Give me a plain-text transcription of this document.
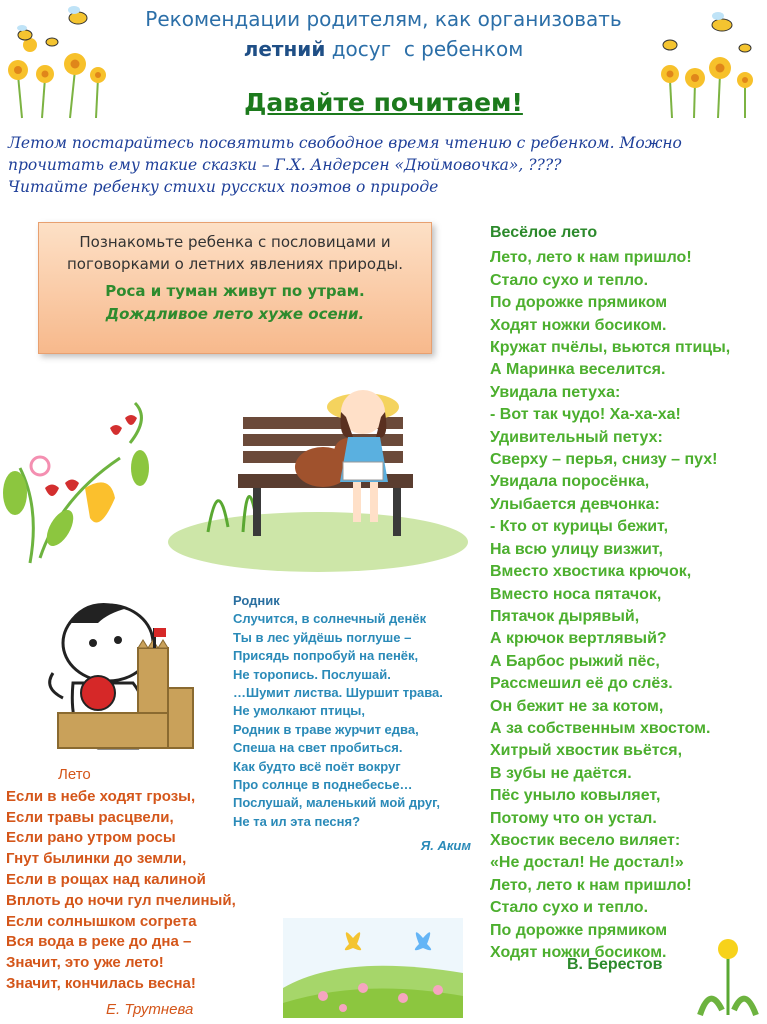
Рекомендации родителям, как организовать
летний досуг  с ребенком
Давайте почитаем!
Летом постарайтесь посвятить свободное время чтению с ребенком. Можно
прочитать ему такие сказки – Г.Х. Андерсен «Дюймовочка», ????
Читайте ребенку стихи русских поэтов о природе
Познакомьте ребенка с пословицами и
поговорками о летних явлениях природы.
Роса и туман живут по утрам.
Дождливое лето хуже осени.
Весёлое лето
Лето, лето к нам пришло!
Стало сухо и тепло.
По дорожке прямиком
Ходят ножки босиком.
Кружат пчёлы, вьются птицы,
А Маринка веселится.
Увидала петуха:
- Вот так чудо! Ха-ха-ха!
Удивительный петух:
Сверху – перья, снизу – пух!
Увидала поросёнка,
Улыбается девчонка:
- Кто от курицы бежит,
На всю улицу визжит,
Вместо хвостика крючок,
Вместо носа пятачок,
Пятачок дырявый,
А крючок вертлявый?
А Барбос рыжий пёс,
Рассмешил её до слёз.
Он бежит не за котом,
А за собственным хвостом.
Хитрый хвостик вьётся,
В зубы не даётся.
Пёс уныло ковыляет,
Потому что он устал.
Хвостик весело виляет:
«Не достал! Не достал!»
Лето, лето к нам пришло!
Стало сухо и тепло.
По дорожке прямиком
Ходят ножки босиком.
Родник
Случится, в солнечный денёк
Ты в лес уйдёшь поглуше –
Присядь попробуй на пенёк,
Не торопись. Послушай.
…Шумит листва. Шуршит трава.
Не умолкают птицы,
Родник в траве журчит едва,
Спеша на свет пробиться.
Как будто всё поёт вокруг
Про солнце в поднебесье…
Послушай, маленький мой друг,
Не та ил эта песня?
Я. Аким
Лето
Если в небе ходят грозы,
Если травы расцвели,
Если рано утром росы
Гнут былинки до земли,
Если в рощах над калиной
Вплоть до ночи гул пчелиный,
Если солнышком согрета
Вся вода в реке до дна –
Значит, это уже лето!
Значит, кончилась весна!
Е. Трутнева
В. Берестов
